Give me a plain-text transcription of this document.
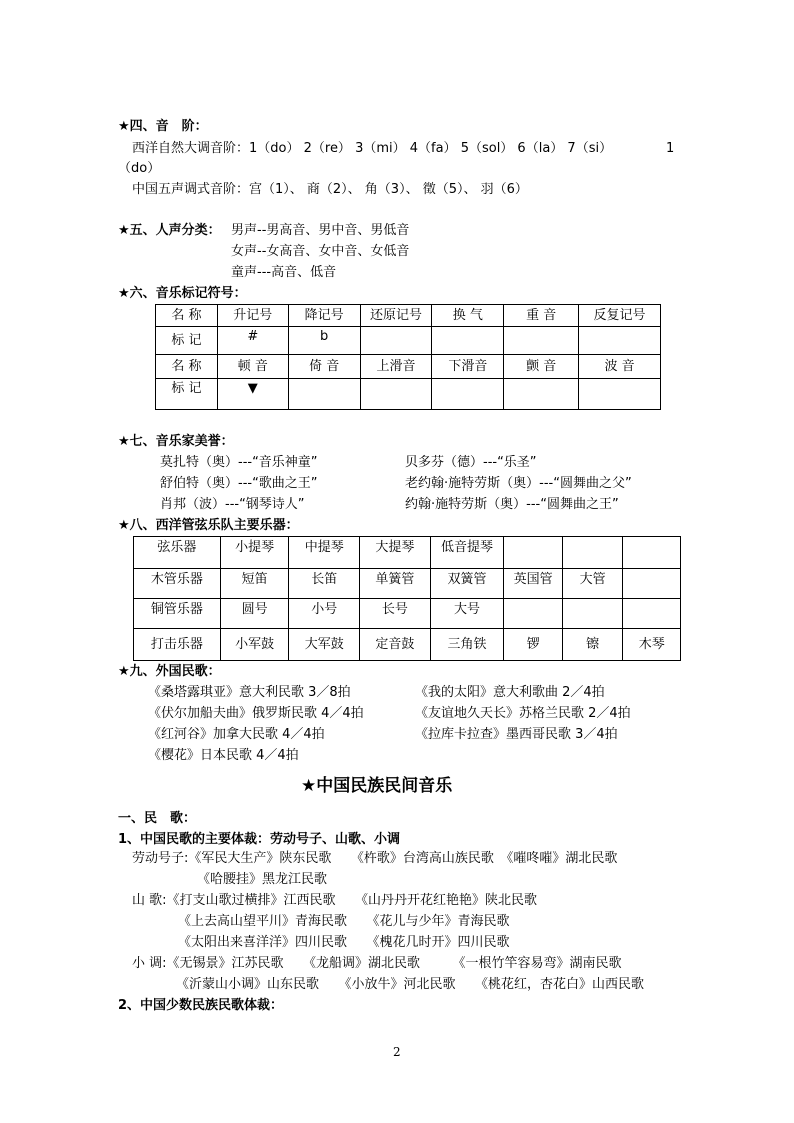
★四、音　阶：
西洋自然大调音阶：1（do） 2（re） 3（mi） 4（fa） 5（sol） 6（la） 7（si）	1
（do）
中国五声调式音阶：宫（1）、 商（2）、 角（3）、 徵（5）、 羽（6）
★五、人声分类： 男声--男高音、男中音、男低音
女声--女高音、女中音、女低音
童声---高音、低音
★六、音乐标记符号：
名 称	升记号	降记号	还原记号	换 气	重 音	反复记号
标 记	#	b				
名 称	顿 音	倚 音	上滑音	下滑音	颤 音	波 音
标 记	▼					
★七、音乐家美誉：
莫扎特（奥）---“音乐神童”
舒伯特（奥）---“歌曲之王”
肖邦（波）---“钢琴诗人”
贝多芬（德）---“乐圣”
老约翰·施特劳斯（奥）---“圆舞曲之父”
约翰·施特劳斯（奥）---“圆舞曲之王”
★八、西洋管弦乐队主要乐器：
弦乐器	小提琴	中提琴	大提琴	低音提琴			
木管乐器	短笛	长笛	单簧管	双簧管	英国管	大管	
铜管乐器	圆号	小号	长号	大号			
打击乐器	小军鼓	大军鼓	定音鼓	三角铁	锣	镲	木琴
★九、外国民歌：
《桑塔露琪亚》意大利民歌 3／8拍
《伏尔加船夫曲》俄罗斯民歌 4／4拍
《红河谷》加拿大民歌 4／4拍
《樱花》日本民歌 4／4拍
《我的太阳》意大利歌曲 2／4拍
《友谊地久天长》苏格兰民歌 2／4拍
《拉库卡拉查》墨西哥民歌 3／4拍
★中国民族民间音乐
一、民　歌：
1、中国民歌的主要体裁：劳动号子、山歌、小调
劳动号子:《军民大生产》陕东民歌　　《杵歌》台湾高山族民歌　《嗺咚嗺》湖北民歌
《哈腰挂》黑龙江民歌
山 歌:《打支山歌过横排》江西民歌　　《山丹丹开花红艳艳》陕北民歌
《上去高山望平川》青海民歌　　《花儿与少年》青海民歌
《太阳出来喜洋洋》四川民歌　　《槐花几时开》四川民歌
小 调:《无锡景》江苏民歌　　《龙船调》湖北民歌　　　《一根竹竿容易弯》湖南民歌
《沂蒙山小调》山东民歌　　《小放牛》河北民歌　　《桃花红，杏花白》山西民歌
2、中国少数民族民歌体裁：
2
